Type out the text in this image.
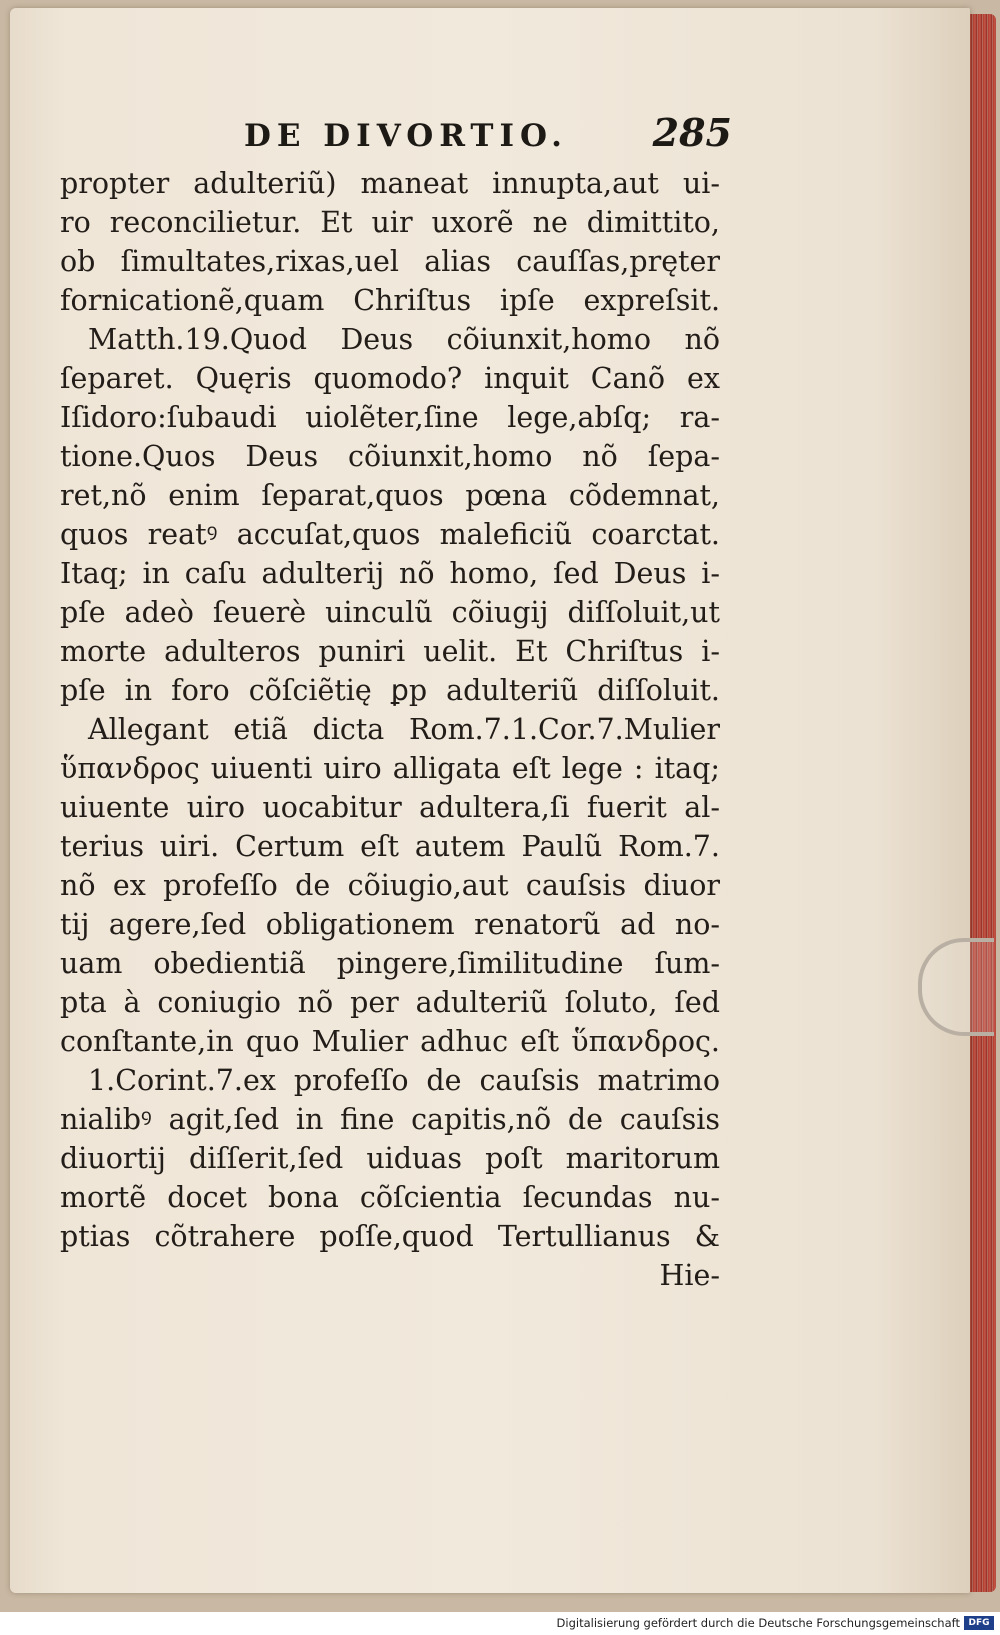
DE DIVORTIO. 285
propter adulteriũ) maneat innupta,aut ui-
ro reconcilietur. Et uir uxorẽ ne dimittito,
ob ſimultates,rixas,uel alias cauſſas,pręter
fornicationẽ,quam Chriſtus ipſe expreſsit.
Matth.19.Quod Deus cõiunxit,homo nõ
ſeparet. Quęris quomodo? inquit Canõ ex
Iſidoro:ſubaudi uiolẽter,ſine lege,abſq; ra-
tione.Quos Deus cõiunxit,homo nõ ſepa-
ret,nõ enim ſeparat,quos pœna cõdemnat,
quos reatꝰ accuſat,quos maleficiũ coarctat.
Itaq; in caſu adulterij nõ homo, ſed Deus i-
pſe adeò ſeuerè uinculũ cõiugij diſſoluit,ut
morte adulteros puniri uelit. Et Chriſtus i-
pſe in foro cõſciẽtię ꝑp adulteriũ diſſoluit.
Allegant etiã dicta Rom.7.1.Cor.7.Mulier
ὕπανδρος uiuenti uiro alligata eſt lege : itaq;
uiuente uiro uocabitur adultera,ſi fuerit al-
terius uiri. Certum eſt autem Paulũ Rom.7.
nõ ex profeſſo de cõiugio,aut cauſsis diuor
tij agere,ſed obligationem renatorũ ad no-
uam obedientiã pingere,ſimilitudine ſum-
pta à coniugio nõ per adulteriũ ſoluto, ſed
conſtante,in quo Mulier adhuc eſt ὕπανδρος.
1.Corint.7.ex profeſſo de cauſsis matrimo
nialibꝰ agit,ſed in fine capitis,nõ de cauſsis
diuortij diſſerit,ſed uiduas poſt maritorum
mortẽ docet bona cõſcientia ſecundas nu-
ptias cõtrahere poſſe,quod Tertullianus &
Hie-
Digitalisierung gefördert durch die Deutsche Forschungsgemeinschaft DFG
